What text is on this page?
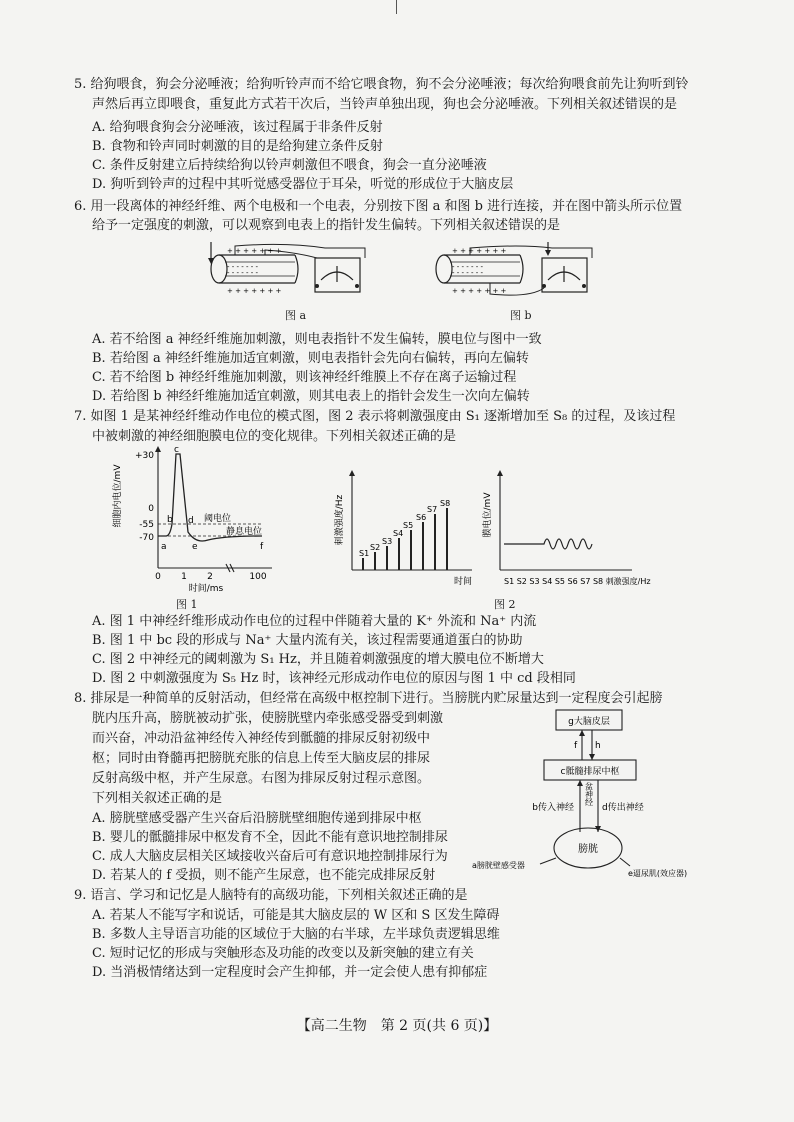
5. 给狗喂食，狗会分泌唾液；给狗听铃声而不给它喂食物，狗不会分泌唾液；每次给狗喂食前先让狗听到铃
声然后再立即喂食，重复此方式若干次后，当铃声单独出现，狗也会分泌唾液。下列相关叙述错误的是
A. 给狗喂食狗会分泌唾液，该过程属于非条件反射
B. 食物和铃声同时刺激的目的是给狗建立条件反射
C. 条件反射建立后持续给狗以铃声刺激但不喂食，狗会一直分泌唾液
D. 狗听到铃声的过程中其听觉感受器位于耳朵，听觉的形成位于大脑皮层
6. 用一段离体的神经纤维、两个电极和一个电表，分别按下图 a 和图 b 进行连接，并在图中箭头所示位置
给予一定强度的刺激，可以观察到电表上的指针发生偏转。下列相关叙述错误的是
+ + + + + + +
- - - - - - -
- - - - - - -
+ + + + + + +
图 a
+ + + + + + +
- - - - - - -
- - - - - - -
+ + + + + + +
图 b
A. 若不给图 a 神经纤维施加刺激，则电表指针不发生偏转，膜电位与图中一致
B. 若给图 a 神经纤维施加适宜刺激，则电表指针会先向右偏转，再向左偏转
C. 若不给图 b 神经纤维施加刺激，则该神经纤维膜上不存在离子运输过程
D. 若给图 b 神经纤维施加适宜刺激，则其电表上的指针会发生一次向左偏转
7. 如图 1 是某神经纤维动作电位的模式图，图 2 表示将刺激强度由 S₁ 逐渐增加至 S₈ 的过程，及该过程
中被刺激的神经细胞膜电位的变化规律。下列相关叙述正确的是
细胞内电位/mV
+30
0
-55
-70
0 1 2	100
时间/ms
a
b
c
d
e	f
阈电位
静息电位
图 1
S1
S2
S3
S4
S5
S6
S7
S8
刺激强度/Hz
时间
膜电位/mV
S1 S2 S3 S4 S5 S6 S7 S8 刺激强度/Hz
图 2
A. 图 1 中神经纤维形成动作电位的过程中伴随着大量的 K⁺ 外流和 Na⁺ 内流
B. 图 1 中 bc 段的形成与 Na⁺ 大量内流有关，该过程需要通道蛋白的协助
C. 图 2 中神经元的阈刺激为 S₁ Hz，并且随着刺激强度的增大膜电位不断增大
D. 图 2 中刺激强度为 S₅ Hz 时，该神经元形成动作电位的原因与图 1 中 cd 段相同
8. 排尿是一种简单的反射活动，但经常在高级中枢控制下进行。当膀胱内贮尿量达到一定程度会引起膀
胱内压升高，膀胱被动扩张，使膀胱壁内牵张感受器受到刺激
而兴奋，冲动沿盆神经传入神经传到骶髓的排尿反射初级中
枢；同时由脊髓再把膀胱充胀的信息上传至大脑皮层的排尿
反射高级中枢，并产生尿意。右图为排尿反射过程示意图。
下列相关叙述正确的是
A. 膀胱壁感受器产生兴奋后沿膀胱壁细胞传递到排尿中枢
B. 婴儿的骶髓排尿中枢发育不全，因此不能有意识地控制排尿
C. 成人大脑皮层相关区域接收兴奋后可有意识地控制排尿行为
D. 若某人的 f 受损，则不能产生尿意，也不能完成排尿反射
g大脑皮层
f h
c骶髓排尿中枢
b传入神经
盆神经
d传出神经
膀胱
a膀胱壁感受器
e逼尿肌(效应器)
9. 语言、学习和记忆是人脑特有的高级功能，下列相关叙述正确的是
A. 若某人不能写字和说话，可能是其大脑皮层的 W 区和 S 区发生障碍
B. 多数人主导语言功能的区域位于大脑的右半球，左半球负责逻辑思维
C. 短时记忆的形成与突触形态及功能的改变以及新突触的建立有关
D. 当消极情绪达到一定程度时会产生抑郁，并一定会使人患有抑郁症
【高二生物　第 2 页(共 6 页)】
